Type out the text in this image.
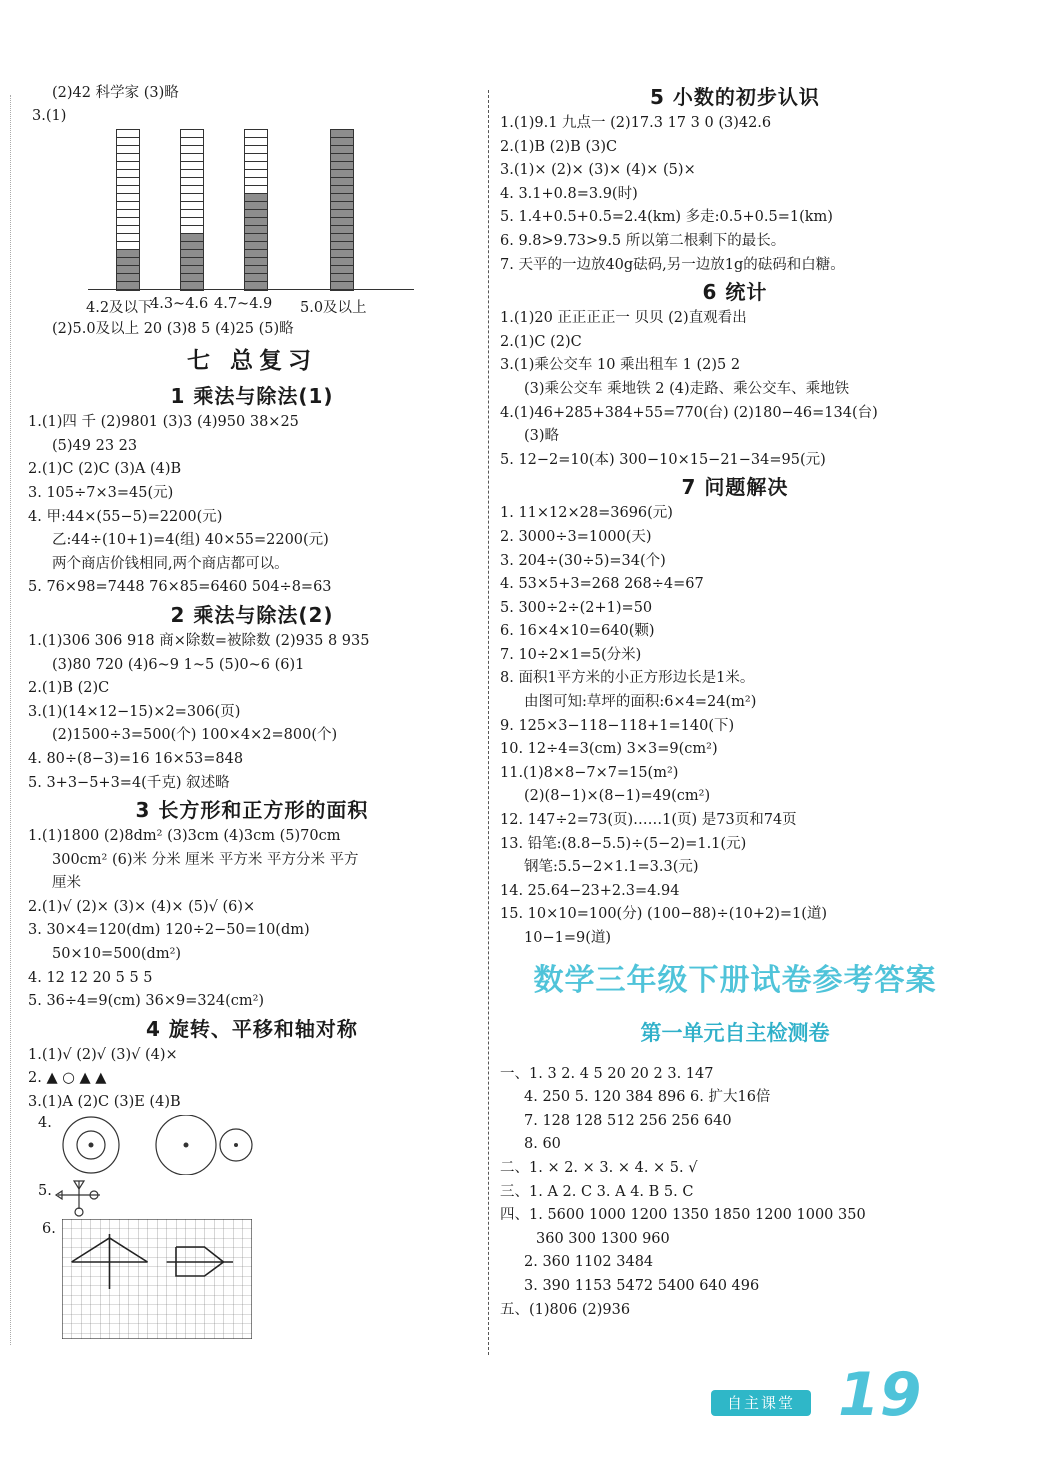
(2)42 科学家 (3)略
3.(1)
4.2及以下
4.3~4.6 4.7~4.9 5.0及以上
(2)5.0及以上 20 (3)8 5 (4)25 (5)略
七 总复习
1 乘法与除法(1)
1.(1)四 千 (2)9801 (3)3 (4)950 38×25
(5)49 23 23
2.(1)C (2)C (3)A (4)B
3. 105÷7×3=45(元)
4. 甲:44×(55−5)=2200(元)
乙:44÷(10+1)=4(组) 40×55=2200(元)
两个商店价钱相同,两个商店都可以。
5. 76×98=7448 76×85=6460 504÷8=63
2 乘法与除法(2)
1.(1)306 306 918 商×除数=被除数 (2)935 8 935
(3)80 720 (4)6~9 1~5 (5)0~6 (6)1
2.(1)B (2)C
3.(1)(14×12−15)×2=306(页)
(2)1500÷3=500(个) 100×4×2=800(个)
4. 80÷(8−3)=16 16×53=848
5. 3+3−5+3=4(千克) 叙述略
3 长方形和正方形的面积
1.(1)1800 (2)8dm² (3)3cm (4)3cm (5)70cm
300cm² (6)米 分米 厘米 平方米 平方分米 平方
厘米
2.(1)√ (2)× (3)× (4)× (5)√ (6)×
3. 30×4=120(dm) 120÷2−50=10(dm)
50×10=500(dm²)
4. 12 12 20 5 5 5
5. 36÷4=9(cm) 36×9=324(cm²)
4 旋转、平移和轴对称
1.(1)√ (2)√ (3)√ (4)×
2. ▲ ○ ▲ ▲
3.(1)A (2)C (3)E (4)B
4.
5.
6.
5 小数的初步认识
1.(1)9.1 九点一 (2)17.3 17 3 0 (3)42.6
2.(1)B (2)B (3)C
3.(1)× (2)× (3)× (4)× (5)×
4. 3.1+0.8=3.9(时)
5. 1.4+0.5+0.5=2.4(km) 多走:0.5+0.5=1(km)
6. 9.8>9.73>9.5 所以第二根剩下的最长。
7. 天平的一边放40g砝码,另一边放1g的砝码和白糖。
6 统计
1.(1)20 正正正正一 贝贝 (2)直观看出
2.(1)C (2)C
3.(1)乘公交车 10 乘出租车 1 (2)5 2
(3)乘公交车 乘地铁 2 (4)走路、乘公交车、乘地铁
4.(1)46+285+384+55=770(台) (2)180−46=134(台)
(3)略
5. 12−2=10(本) 300−10×15−21−34=95(元)
7 问题解决
1. 11×12×28=3696(元)
2. 3000÷3=1000(天)
3. 204÷(30÷5)=34(个)
4. 53×5+3=268 268÷4=67
5. 300÷2÷(2+1)=50
6. 16×4×10=640(颗)
7. 10÷2×1=5(分米)
8. 面积1平方米的小正方形边长是1米。
由图可知:草坪的面积:6×4=24(m²)
9. 125×3−118−118+1=140(下)
10. 12÷4=3(cm) 3×3=9(cm²)
11.(1)8×8−7×7=15(m²)
(2)(8−1)×(8−1)=49(cm²)
12. 147÷2=73(页)……1(页) 是73页和74页
13. 铅笔:(8.8−5.5)÷(5−2)=1.1(元)
钢笔:5.5−2×1.1=3.3(元)
14. 25.64−23+2.3=4.94
15. 10×10=100(分) (100−88)÷(10+2)=1(道)
10−1=9(道)
数学三年级下册试卷参考答案
第一单元自主检测卷
一、1. 3 2. 4 5 20 20 2 3. 147
4. 250 5. 120 384 896 6. 扩大16倍
7. 128 128 512 256 256 640
8. 60
二、1. × 2. × 3. × 4. × 5. √
三、1. A 2. C 3. A 4. B 5. C
四、1. 5600 1000 1200 1350 1850 1200 1000 350
360 300 1300 960
2. 360 1102 3484
3. 390 1153 5472 5400 640 496
五、(1)806 (2)936
自主课堂 19
